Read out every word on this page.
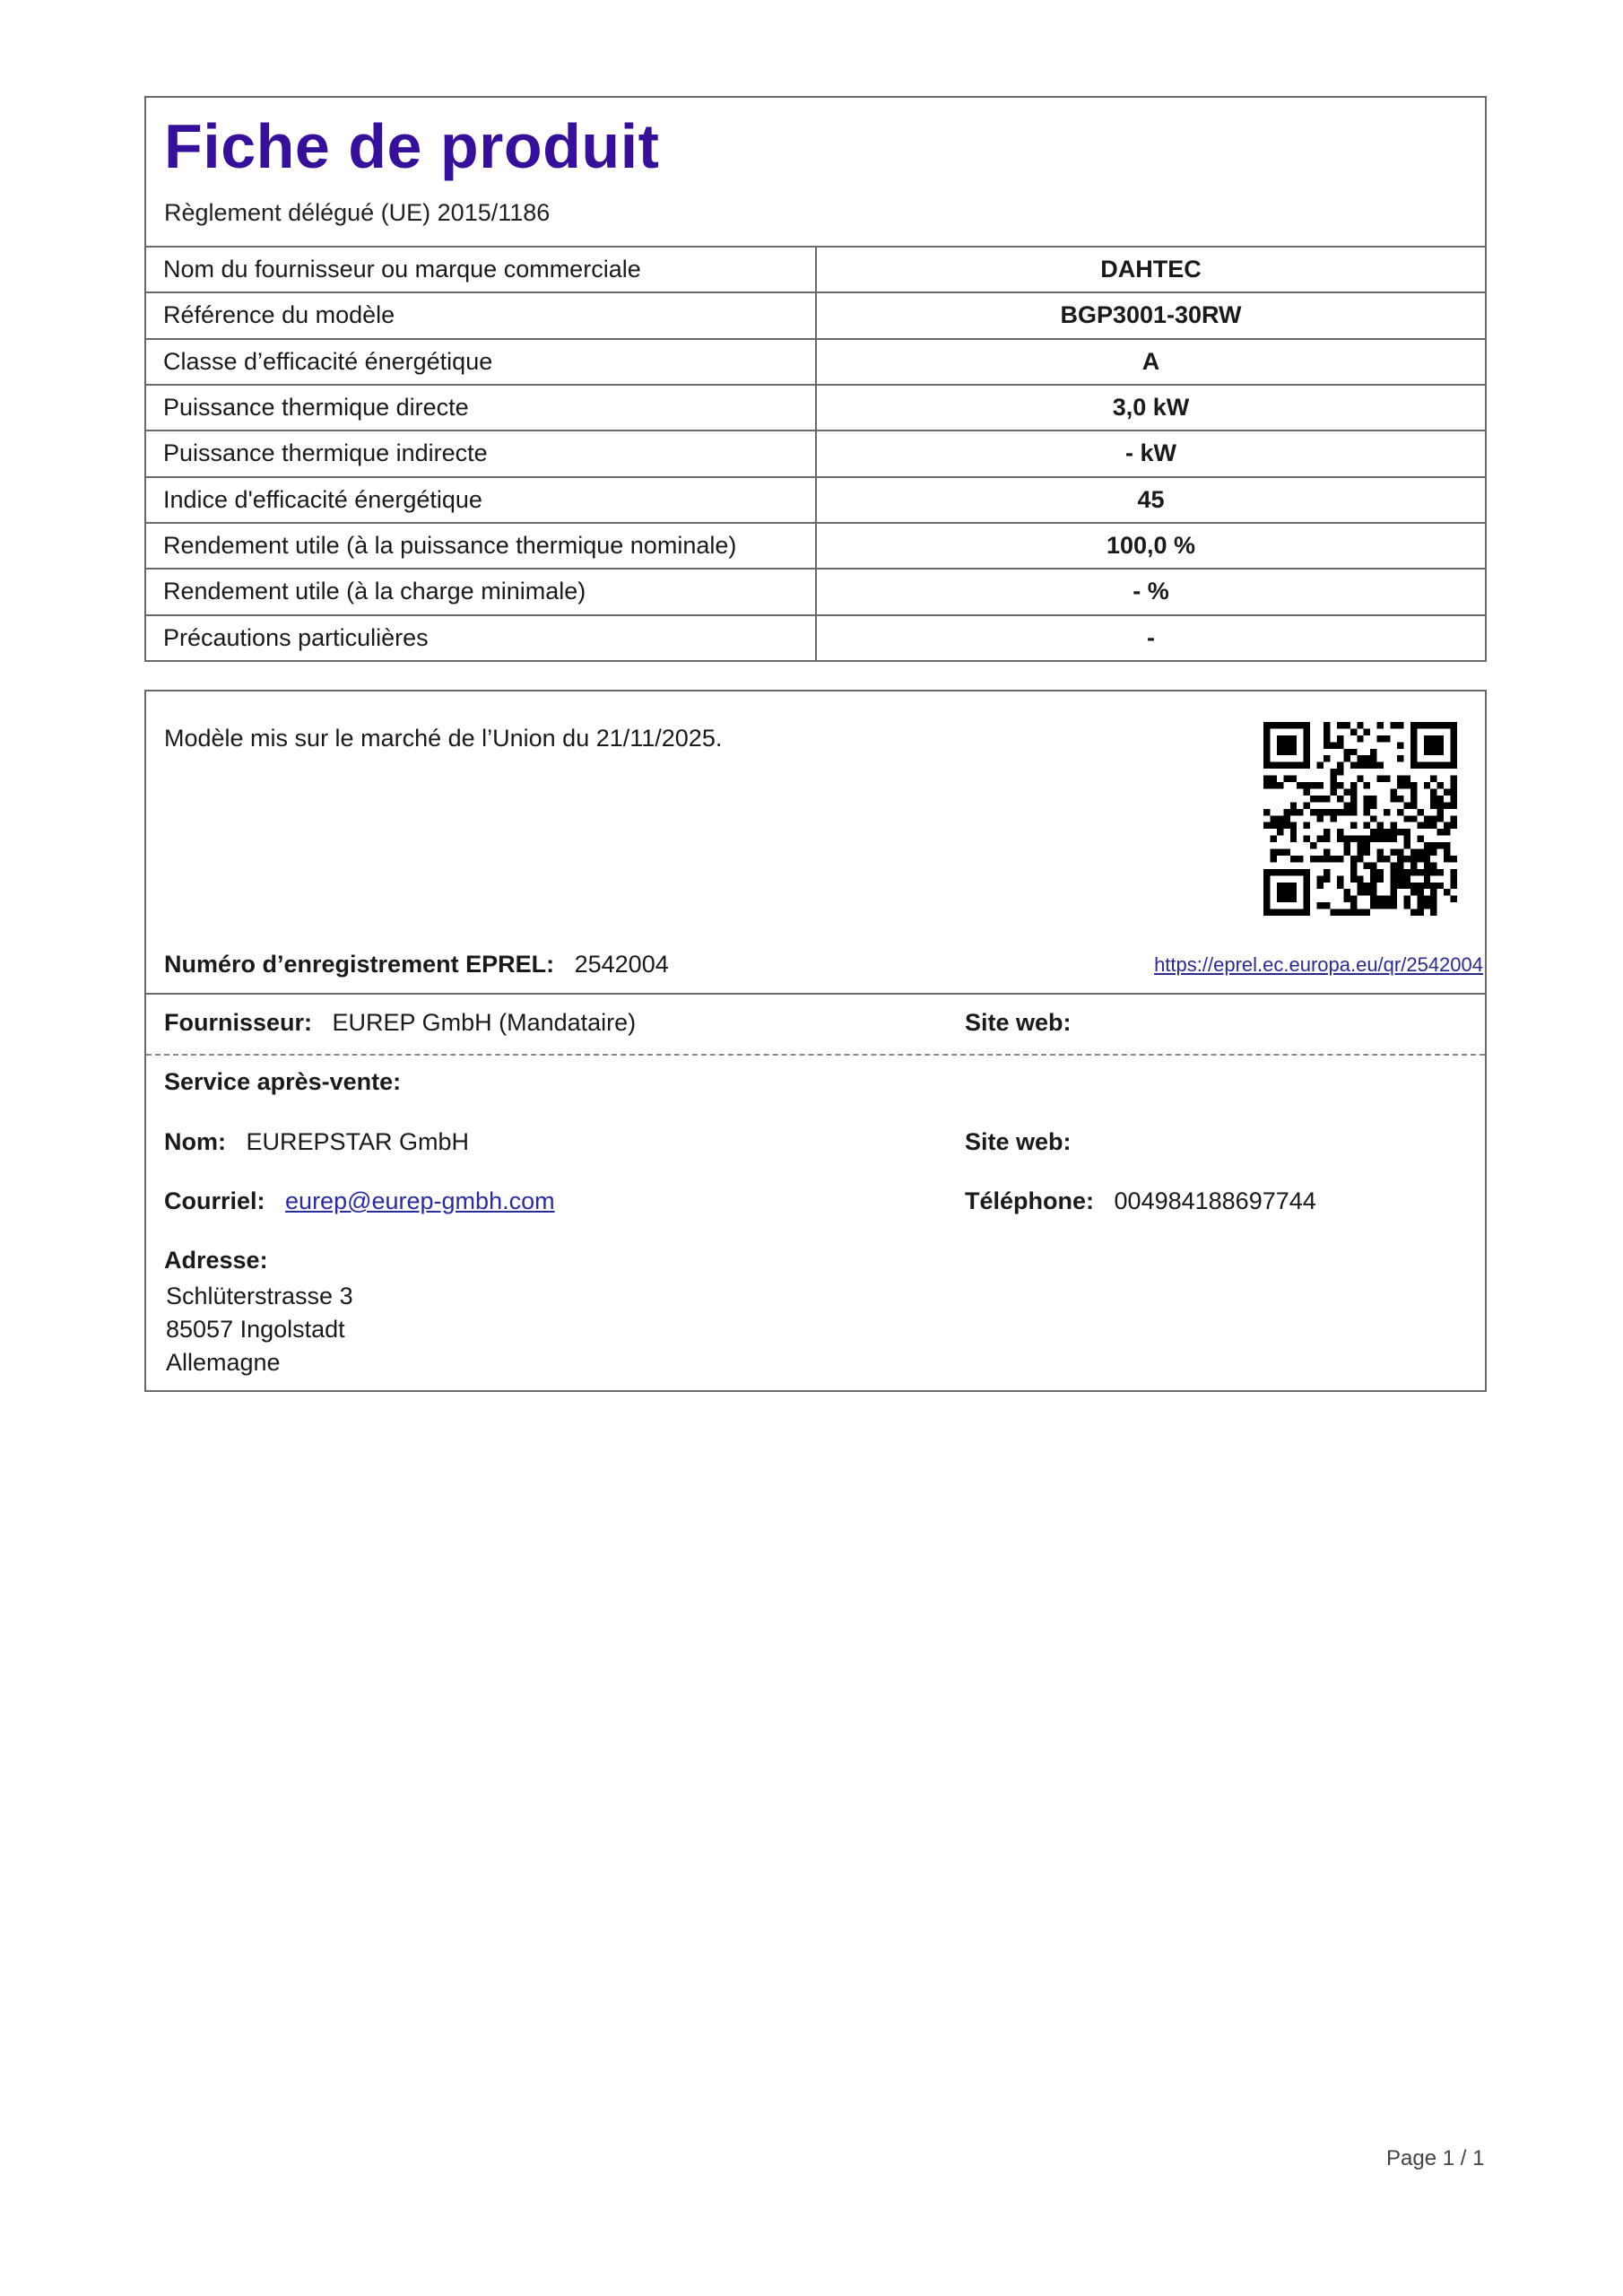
Fiche de produit
Règlement délégué (UE) 2015/1186
Nom du fournisseur ou marque commerciale	DAHTEC
Référence du modèle	BGP3001-30RW
Classe d’efficacité énergétique	A
Puissance thermique directe	3,0 kW
Puissance thermique indirecte	- kW
Indice d'efficacité énergétique	45
Rendement utile (à la puissance thermique nominale)	100,0 %
Rendement utile (à la charge minimale)	- %
Précautions particulières	-
Modèle mis sur le marché de l’Union du 21/11/2025.
Numéro d’enregistrement EPREL: 2542004	https://eprel.ec.europa.eu/qr/2542004
Fournisseur: EUREP GmbH (Mandataire)	Site web:
Service après-vente:
Nom: EUREPSTAR GmbH	Site web:
Courriel: eurep@eurep-gmbh.com	Téléphone: 004984188697744
Adresse:
Schlüterstrasse 3
85057 Ingolstadt
Allemagne
Page 1 / 1
